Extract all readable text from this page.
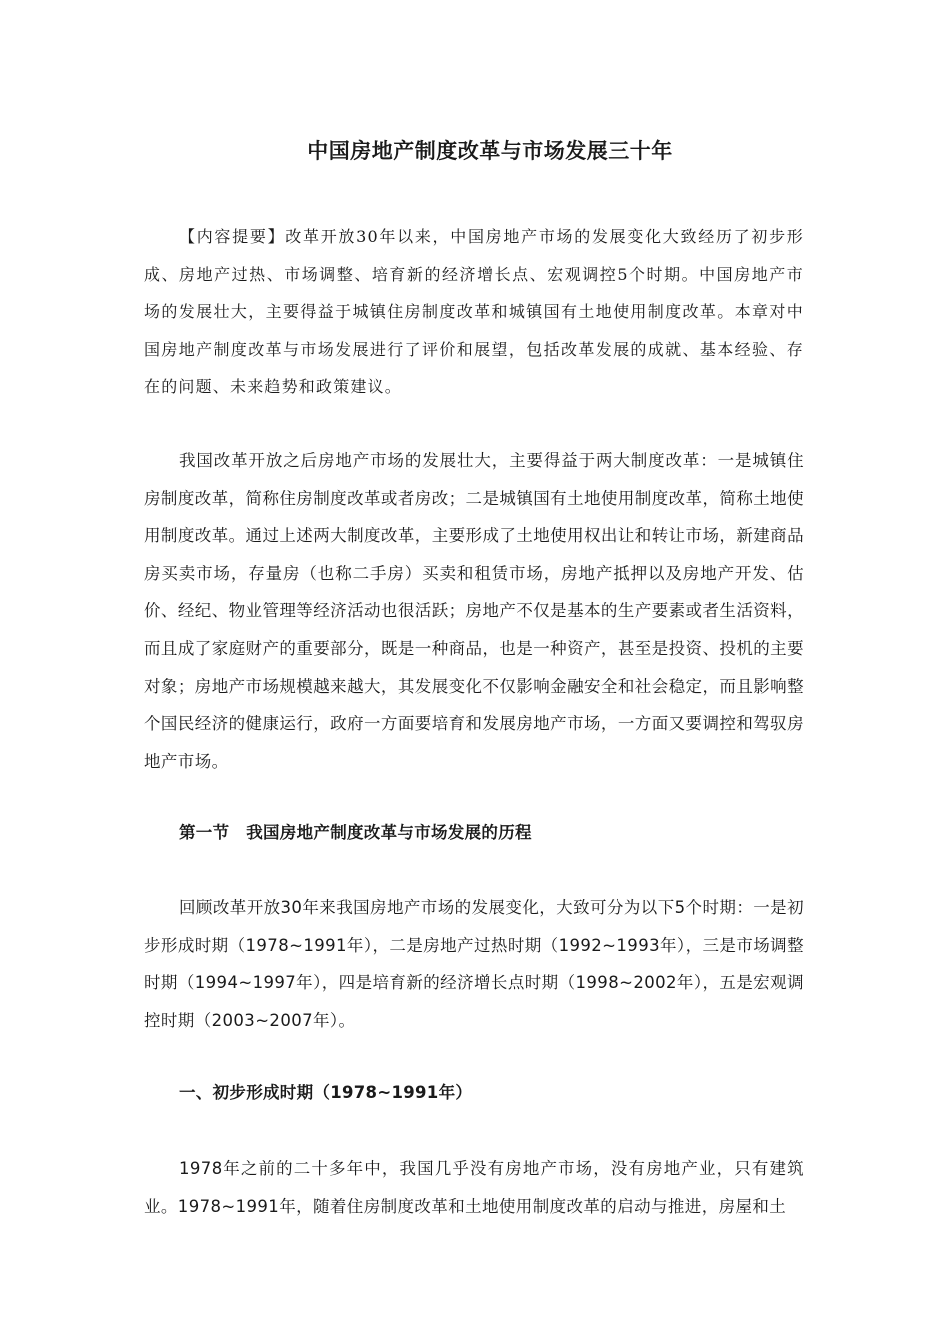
中国房地产制度改革与市场发展三十年

【内容提要】改革开放30年以来，中国房地产市场的发展变化大致经历了初步形成、房地产过热、市场调整、培育新的经济增长点、宏观调控5个时期。中国房地产市场的发展壮大，主要得益于城镇住房制度改革和城镇国有土地使用制度改革。本章对中国房地产制度改革与市场发展进行了评价和展望，包括改革发展的成就、基本经验、存在的问题、未来趋势和政策建议。

我国改革开放之后房地产市场的发展壮大，主要得益于两大制度改革：一是城镇住房制度改革，简称住房制度改革或者房改；二是城镇国有土地使用制度改革，简称土地使用制度改革。通过上述两大制度改革，主要形成了土地使用权出让和转让市场，新建商品房买卖市场，存量房（也称二手房）买卖和租赁市场，房地产抵押以及房地产开发、估价、经纪、物业管理等经济活动也很活跃；房地产不仅是基本的生产要素或者生活资料，而且成了家庭财产的重要部分，既是一种商品，也是一种资产，甚至是投资、投机的主要对象；房地产市场规模越来越大，其发展变化不仅影响金融安全和社会稳定，而且影响整个国民经济的健康运行，政府一方面要培育和发展房地产市场，一方面又要调控和驾驭房地产市场。

第一节　我国房地产制度改革与市场发展的历程

回顾改革开放30年来我国房地产市场的发展变化，大致可分为以下5个时期：一是初步形成时期（1978~1991年），二是房地产过热时期（1992~1993年），三是市场调整时期（1994~1997年），四是培育新的经济增长点时期（1998~2002年），五是宏观调控时期（2003~2007年）。

一、初步形成时期（1978~1991年）

1978年之前的二十多年中，我国几乎没有房地产市场，没有房地产业，只有建筑业。1978~1991年，随着住房制度改革和土地使用制度改革的启动与推进，房屋和土
